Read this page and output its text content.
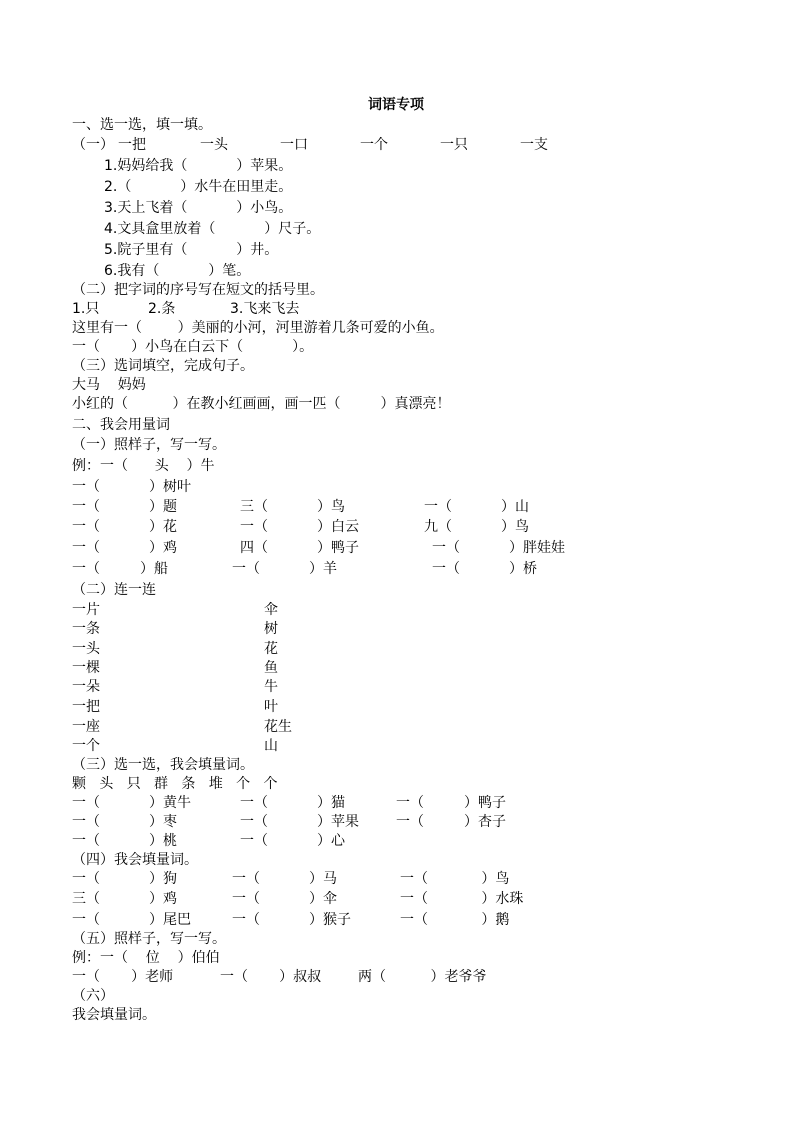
词语专项
一、选一选，填一填。
（一） 一把	一头	一口	一个	一只	一支
1.妈妈给我（           ）苹果。
2.（           ）水牛在田里走。
3.天上飞着（           ）小鸟。
4.文具盒里放着（           ）尺子。
5.院子里有（           ）井。
6.我有（           ）笔。
（二）把字词的序号写在短文的括号里。
1.只	2.条	3.飞来飞去
这里有一（        ）美丽的小河，河里游着几条可爱的小鱼。
一（       ）小鸟在白云下（           ）。
（三）选词填空，完成句子。
大马    妈妈
小红的（          ）在教小红画画，画一匹（         ）真漂亮！
二、我会用量词
（一）照样子，写一写。
例：一（      头    ）牛
一（           ）树叶
一（           ）题	三（           ）鸟	一（           ）山
一（           ）花	一（           ）白云	九（           ）鸟
一（           ）鸡	四（           ）鸭子	一（           ）胖娃娃
一（         ）船	一（           ）羊	一（           ）桥
（二）连一连
一片	伞
一条	树
一头	花
一棵	鱼
一朵	牛
一把	叶
一座	花生
一个	山
（三）选一选，我会填量词。
颗   头   只   群   条   堆   个   个
一（           ）黄牛	一（           ）猫	一（         ）鸭子
一（           ）枣	一（           ）苹果	一（         ）杏子
一（           ）桃	一（           ）心
（四）我会填量词。
一（           ）狗	一（           ）马	一（            ）鸟
三（           ）鸡	一（           ）伞	一（            ）水珠
一（           ）尾巴	一（           ）猴子	一（            ）鹅
（五）照样子，写一写。
例：一（    位    ）伯伯
一（       ）老师	一（       ）叔叔	两（          ）老爷爷
（六）
我会填量词。
